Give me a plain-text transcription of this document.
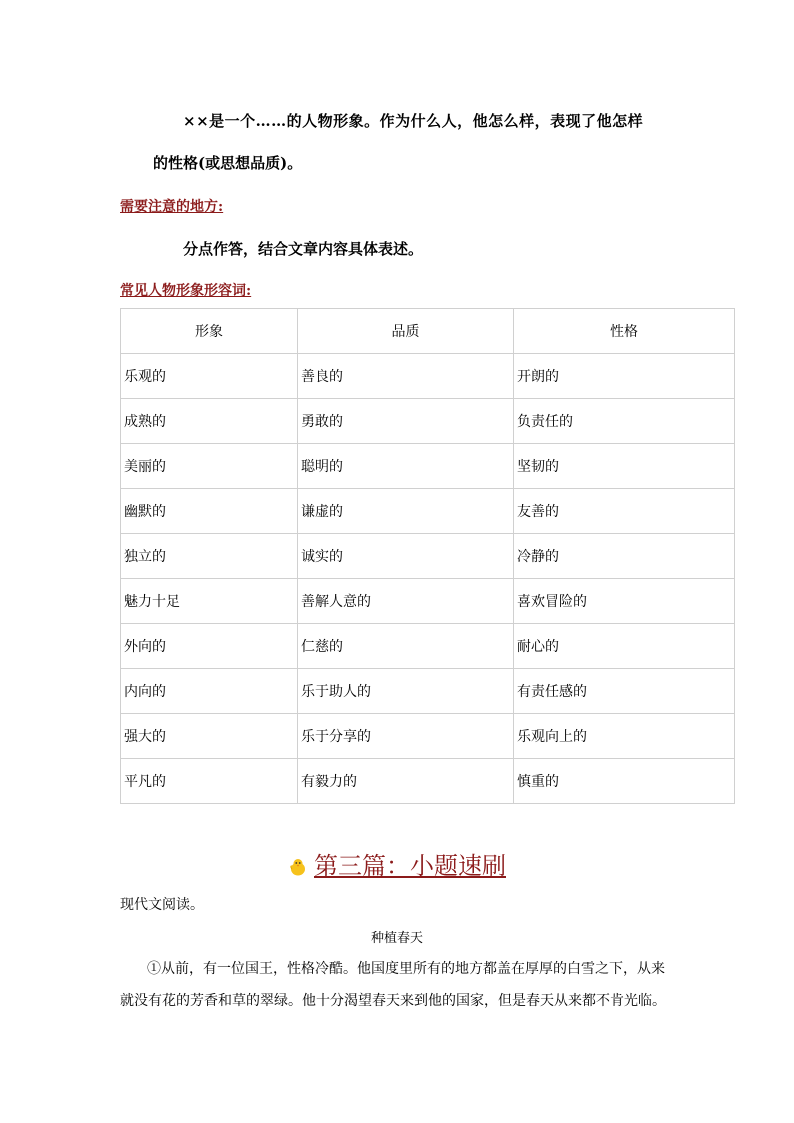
××是一个……的人物形象。作为什么人，他怎么样，表现了他怎样
的性格(或思想品质)。
需要注意的地方:
分点作答，结合文章内容具体表述。
常见人物形象形容词:
形象	品质	性格
乐观的	善良的	开朗的
成熟的	勇敢的	负责任的
美丽的	聪明的	坚韧的
幽默的	谦虚的	友善的
独立的	诚实的	冷静的
魅力十足	善解人意的	喜欢冒险的
外向的	仁慈的	耐心的
内向的	乐于助人的	有责任感的
强大的	乐于分享的	乐观向上的
平凡的	有毅力的	慎重的
第三篇：小题速刷
现代文阅读。
种植春天
①从前，有一位国王，性格冷酷。他国度里所有的地方都盖在厚厚的白雪之下，从来
就没有花的芳香和草的翠绿。他十分渴望春天来到他的国家，但是春天从来都不肯光临。
